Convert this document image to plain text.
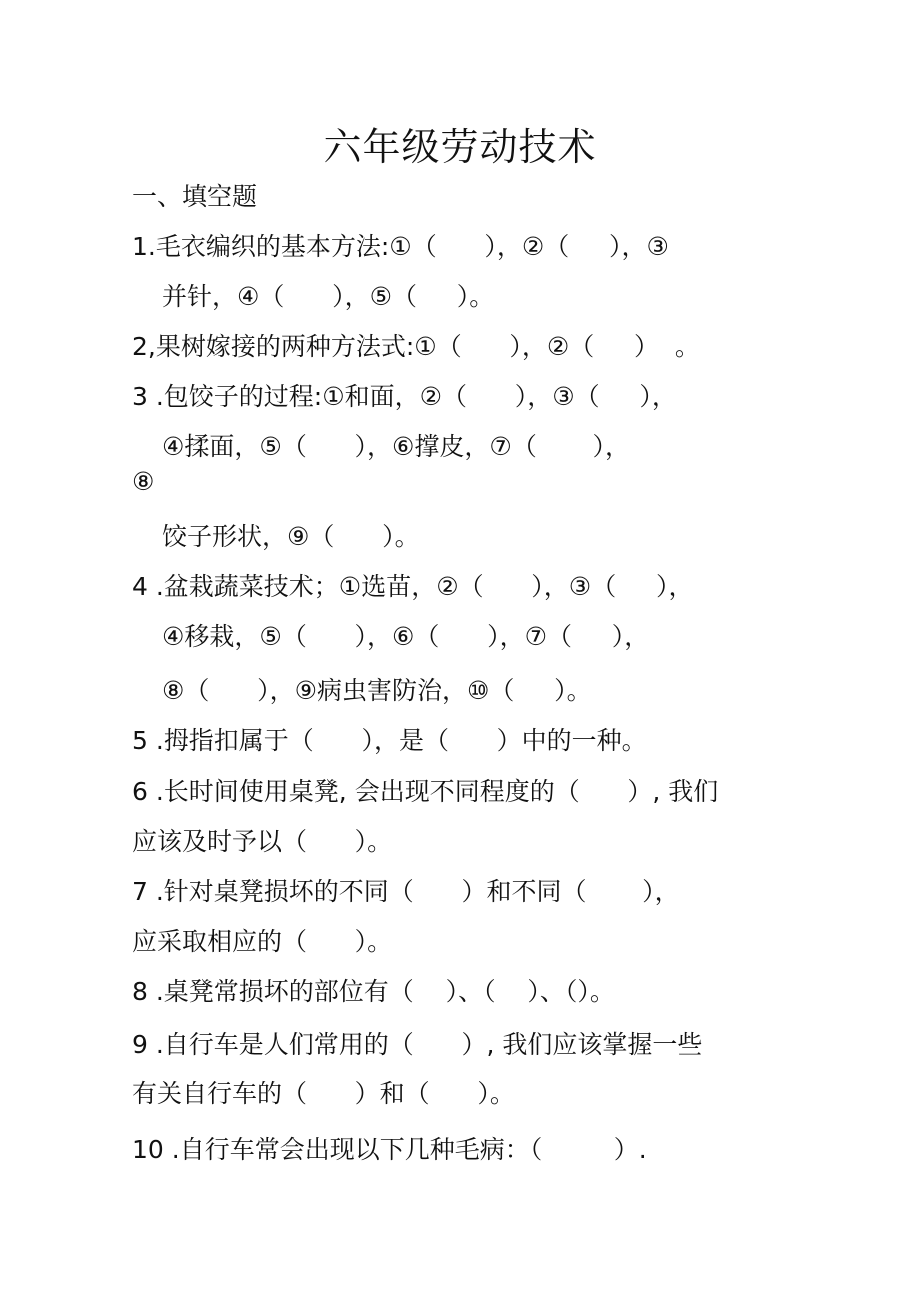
六年级劳动技术
一、填空题
1.毛衣编织的基本方法:①（      ），②（     ），③
并针，④（      ），⑤（     ）。
2,果树嫁接的两种方法式:①（      ），②（     ）  。
3 .包饺子的过程:①和面，②（      ），③（     ），
④揉面，⑤（      ），⑥撑皮，⑦（       ），
⑧
饺子形状，⑨（      ）。
4 .盆栽蔬菜技术；①选苗，②（      ），③（     ），
④移栽，⑤（      ），⑥（      ），⑦（     ），
⑧（      ），⑨病虫害防治，⑩（     ）。
5 .拇指扣属于（      ），是（      ）中的一种。
6 .长时间使用桌凳, 会出现不同程度的（      ）, 我们
应该及时予以（      ）。
7 .针对桌凳损坏的不同（      ）和不同（       ），
应采取相应的（      ）。
8 .桌凳常损坏的部位有（    ）、（    ）、（）。
9 .自行车是人们常用的（      ）, 我们应该掌握一些
有关自行车的（      ）和（      ）。
10 .自行车常会出现以下几种毛病：（         ）.
